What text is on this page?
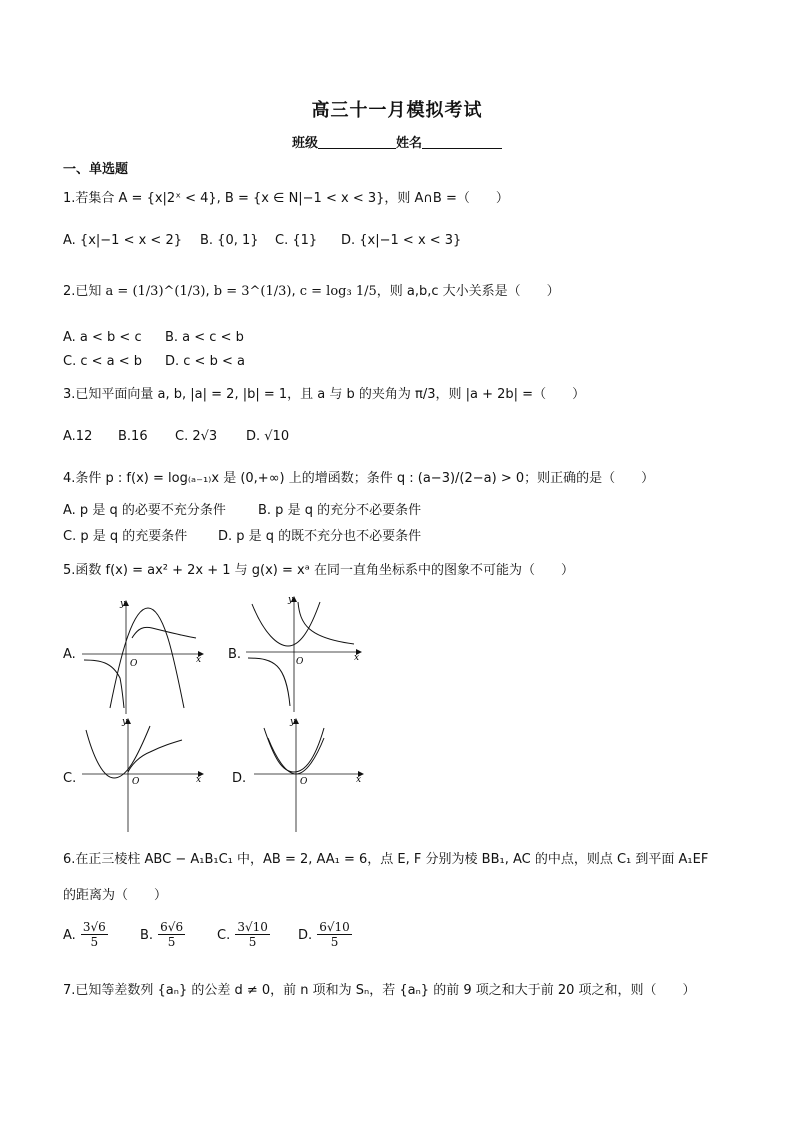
高三十一月模拟考试
班级	姓名
一、单选题
1.若集合 A = {x|2ˣ < 4}, B = {x ∈ N|−1 < x < 3}，则 A∩B =（　　）
A. {x|−1 < x < 2} B. {0, 1} C. {1} D. {x|−1 < x < 3}
2.已知 a = (1/3)^(1/3), b = 3^(1/3), c = log₃ 1/5，则 a,b,c 大小关系是（　　）
A. a < b < c B. a < c < b
C. c < a < b D. c < b < a
3.已知平面向量 a, b, |a| = 2, |b| = 1，且 a 与 b 的夹角为 π/3，则 |a + 2b| =（　　）
A.12 B.16 C. 2√3 D. √10
4.条件 p : f(x) = log₍ₐ₋₁₎x 是 (0,+∞) 上的增函数；条件 q : (a−3)/(2−a) > 0；则正确的是（　　）
A. p 是 q 的必要不充分条件 B. p 是 q 的充分不必要条件
C. p 是 q 的充要条件 D. p 是 q 的既不充分也不必要条件
5.函数 f(x) = ax² + 2x + 1 与 g(x) = xᵃ 在同一直角坐标系中的图象不可能为（　　）
A.	x
y
O
B.	x
y
O
C.	x
y
O	D.	x
y
O
6.在正三棱柱 ABC − A₁B₁C₁ 中，AB = 2, AA₁ = 6，点 E, F 分别为棱 BB₁, AC 的中点，则点 C₁ 到平面 A₁EF
的距离为（　　）
A. $\frac{3√6}{5} B$. $\frac{6√6}{5} C$. $\frac{3√10}{5} D$. $\frac{6√10}{5}$
7.已知等差数列 {aₙ} 的公差 d ≠ 0，前 n 项和为 Sₙ，若 {aₙ} 的前 9 项之和大于前 20 项之和，则（　　）
